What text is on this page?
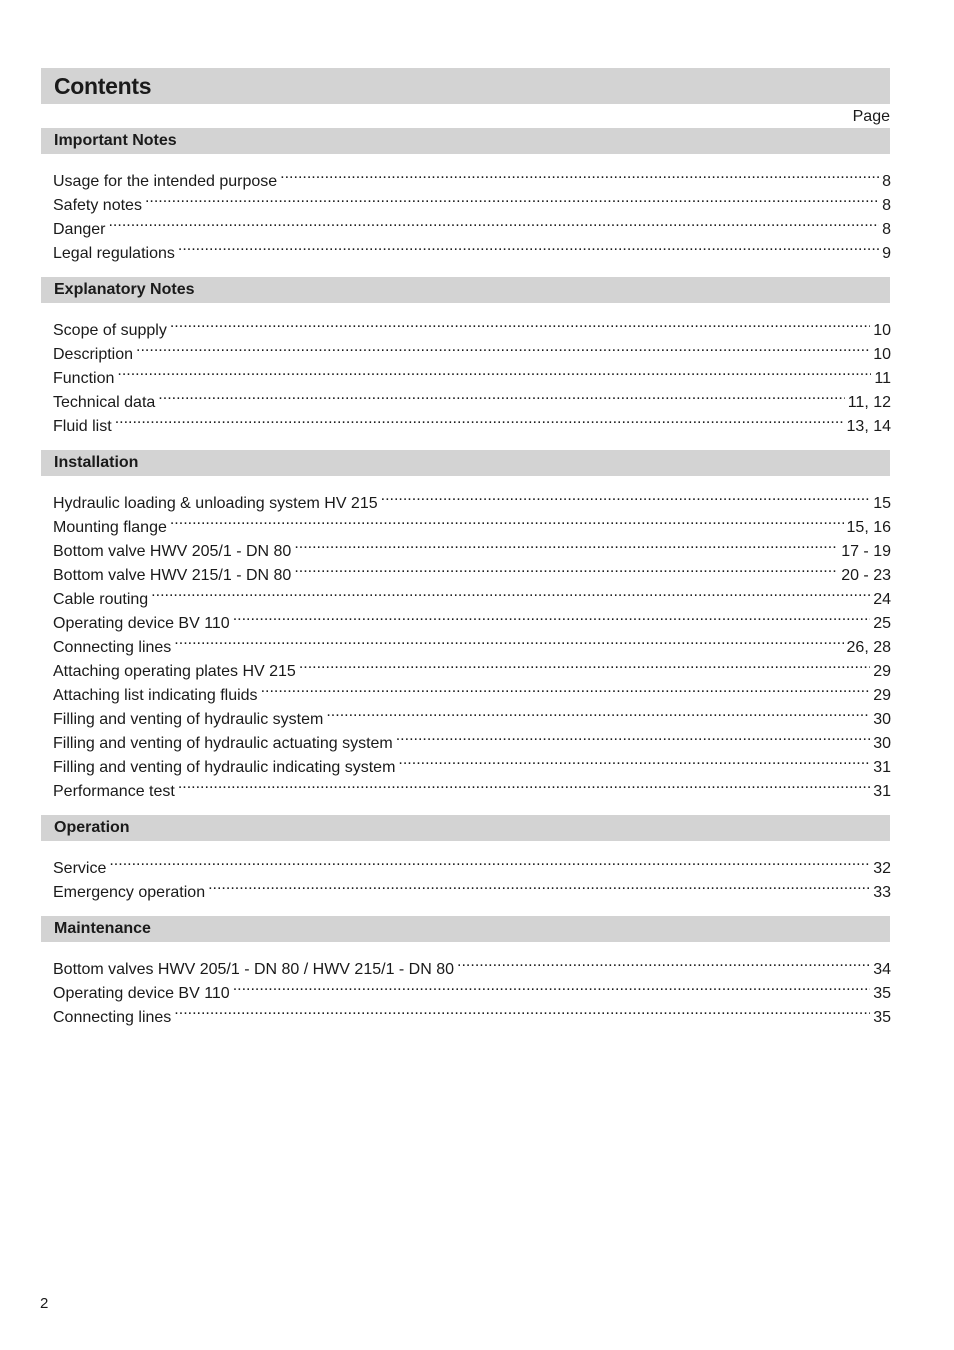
Contents
Page
Important Notes
Usage for the intended purpose .....	8
Safety notes .....	8
Danger .....	8
Legal regulations .....	9
Explanatory Notes
Scope of supply .....	10
Description .....	10
Function .....	11
Technical data .....	11, 12
Fluid list .....	13, 14
Installation
Hydraulic loading & unloading system HV 215 .....	15
Mounting flange .....	15, 16
Bottom valve HWV 205/1 - DN 80 .....	17 - 19
Bottom valve HWV 215/1 - DN 80 .....	20 - 23
Cable routing .....	24
Operating device BV 110 .....	25
Connecting lines .....	26, 28
Attaching operating plates HV 215 .....	29
Attaching list indicating fluids .....	29
Filling and venting of hydraulic system .....	30
Filling and venting of hydraulic actuating system .....	30
Filling and venting of hydraulic indicating system .....	31
Performance test .....	31
Operation
Service .....	32
Emergency operation .....	33
Maintenance
Bottom valves HWV 205/1 - DN 80 / HWV 215/1 - DN 80 .....	34
Operating device BV 110 .....	35
Connecting lines .....	35
2
